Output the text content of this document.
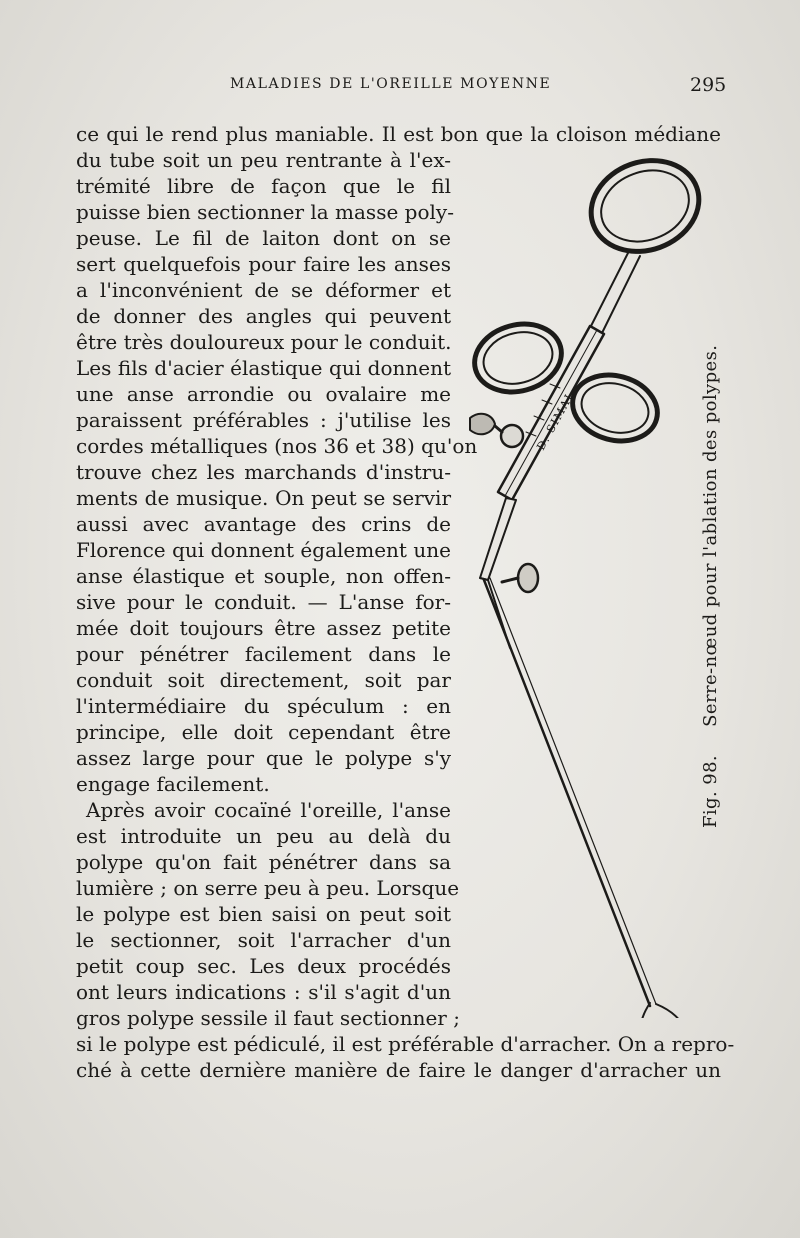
MALADIES DE L'OREILLE MOYENNE	295

ce qui le rend plus maniable. Il est bon que la cloison médiane

du tube soit un peu rentrante à l'ex-

trémité libre de façon que le fil

puisse bien sectionner la masse poly-

peuse. Le fil de laiton dont on se

sert quelquefois pour faire les anses

a l'inconvénient de se déformer et

de donner des angles qui peuvent

être très douloureux pour le conduit.

Les fils d'acier élastique qui donnent

une anse arrondie ou ovalaire me

paraissent préférables : j'utilise les

cordes métalliques (nos 36 et 38) qu'on

trouve chez les marchands d'instru-

ments de musique. On peut se servir

aussi avec avantage des crins de

Florence qui donnent également une

anse élastique et souple, non offen-

sive pour le conduit. — L'anse for-

mée doit toujours être assez petite

pour pénétrer facilement dans le

conduit soit directement, soit par

l'intermédiaire du spéculum : en

principe, elle doit cependant être

assez large pour que le polype s'y

engage facilement.

Après avoir cocaïné l'oreille, l'anse

est introduite un peu au delà du

polype qu'on fait pénétrer dans sa

lumière ; on serre peu à peu. Lorsque

le polype est bien saisi on peut soit

le sectionner, soit l'arracher d'un

petit coup sec. Les deux procédés

ont leurs indications : s'il s'agit d'un

gros polype sessile il faut sectionner ;

si le polype est pédiculé, il est préférable d'arracher. On a repro-

ché à cette dernière manière de faire le danger d'arracher un

D. SIMAL
Fig. 98. Serre-nœud pour l'ablation des polypes.
